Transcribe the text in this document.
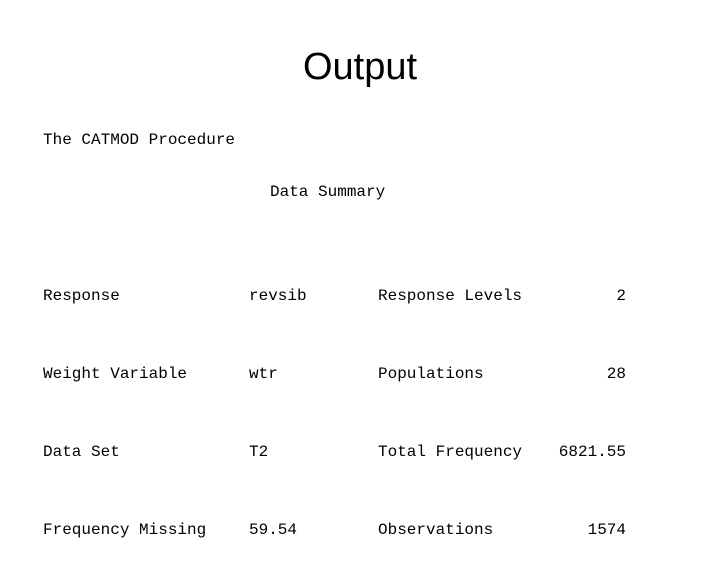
Output
The CATMOD Procedure
Data Summary

Response

Weight Variable

Data Set

Frequency Missing

revsib

wtr

T2

59.54

Response Levels

Populations

Total Frequency

Observations

2

28

6821.55

1574
